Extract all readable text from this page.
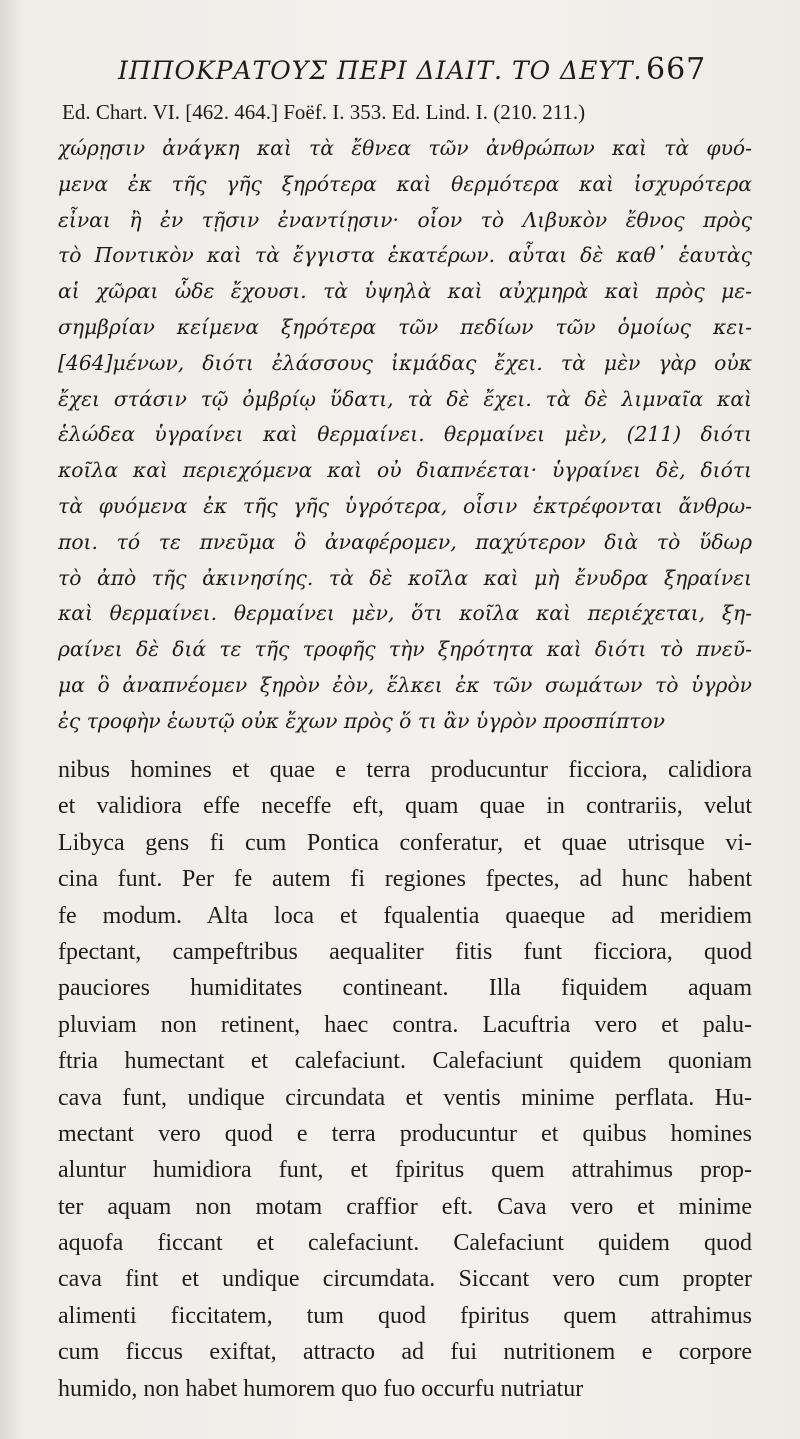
ΙΠΠΟΚΡΑΤΟΥΣ ΠΕΡΙ ΔΙΑΙΤ. ΤΟ ΔΕΥΤ. 667
Ed. Chart. VI. [462. 464.] Foëf. I. 353. Ed. Lind. I. (210. 211.)
χώρῃσιν ἀνάγκη καὶ τὰ ἔθνεα τῶν ἀνθρώπων καὶ τὰ φυό-
μενα ἐκ τῆς γῆς ξηρότερα καὶ θερμότερα καὶ ἰσχυρότερα
εἶναι ἢ ἐν τῇσιν ἐναντίῃσιν· οἷον τὸ Λιβυκὸν ἔθνος πρὸς
τὸ Ποντικὸν καὶ τὰ ἔγγιστα ἑκατέρων. αὗται δὲ καθ᾽ ἑαυτὰς
αἱ χῶραι ὧδε ἔχουσι. τὰ ὑψηλὰ καὶ αὐχμηρὰ καὶ πρὸς με-
σημβρίαν κείμενα ξηρότερα τῶν πεδίων τῶν ὁμοίως κει-
[464]μένων, διότι ἐλάσσους ἰκμάδας ἔχει. τὰ μὲν γὰρ οὐκ
ἔχει στάσιν τῷ ὀμβρίῳ ὕδατι, τὰ δὲ ἔχει. τὰ δὲ λιμναῖα καὶ
ἑλώδεα ὑγραίνει καὶ θερμαίνει. θερμαίνει μὲν, (211) διότι
κοῖλα καὶ περιεχόμενα καὶ οὐ διαπνέεται· ὑγραίνει δὲ, διότι
τὰ φυόμενα ἐκ τῆς γῆς ὑγρότερα, οἷσιν ἐκτρέφονται ἄνθρω-
ποι. τό τε πνεῦμα ὃ ἀναφέρομεν, παχύτερον διὰ τὸ ὕδωρ
τὸ ἀπὸ τῆς ἀκινησίης. τὰ δὲ κοῖλα καὶ μὴ ἔνυδρα ξηραίνει
καὶ θερμαίνει. θερμαίνει μὲν, ὅτι κοῖλα καὶ περιέχεται, ξη-
ραίνει δὲ διά τε τῆς τροφῆς τὴν ξηρότητα καὶ διότι τὸ πνεῦ-
μα ὃ ἀναπνέομεν ξηρὸν ἐὸν, ἕλκει ἐκ τῶν σωμάτων τὸ ὑγρὸν
ἐς τροφὴν ἑωυτῷ οὐκ ἔχων πρὸς ὅ τι ἂν ὑγρὸν προσπίπτον
nibus homines et quae e terra producuntur ficciora, calidiora
et validiora effe neceffe eft, quam quae in contrariis, velut
Libyca gens fi cum Pontica conferatur, et quae utrisque vi-
cina funt. Per fe autem fi regiones fpectes, ad hunc habent
fe modum. Alta loca et fqualentia quaeque ad meridiem
fpectant, campeftribus aequaliter fitis funt ficciora, quod
pauciores humiditates contineant. Illa fiquidem aquam
pluviam non retinent, haec contra. Lacuftria vero et palu-
ftria humectant et calefaciunt. Calefaciunt quidem quoniam
cava funt, undique circundata et ventis minime perflata. Hu-
mectant vero quod e terra producuntur et quibus homines
aluntur humidiora funt, et fpiritus quem attrahimus prop-
ter aquam non motam craffior eft. Cava vero et minime
aquofa ficcant et calefaciunt. Calefaciunt quidem quod
cava fint et undique circumdata. Siccant vero cum propter
alimenti ficcitatem, tum quod fpiritus quem attrahimus
cum ficcus exiftat, attracto ad fui nutritionem e corpore
humido, non habet humorem quo fuo occurfu nutriatur
